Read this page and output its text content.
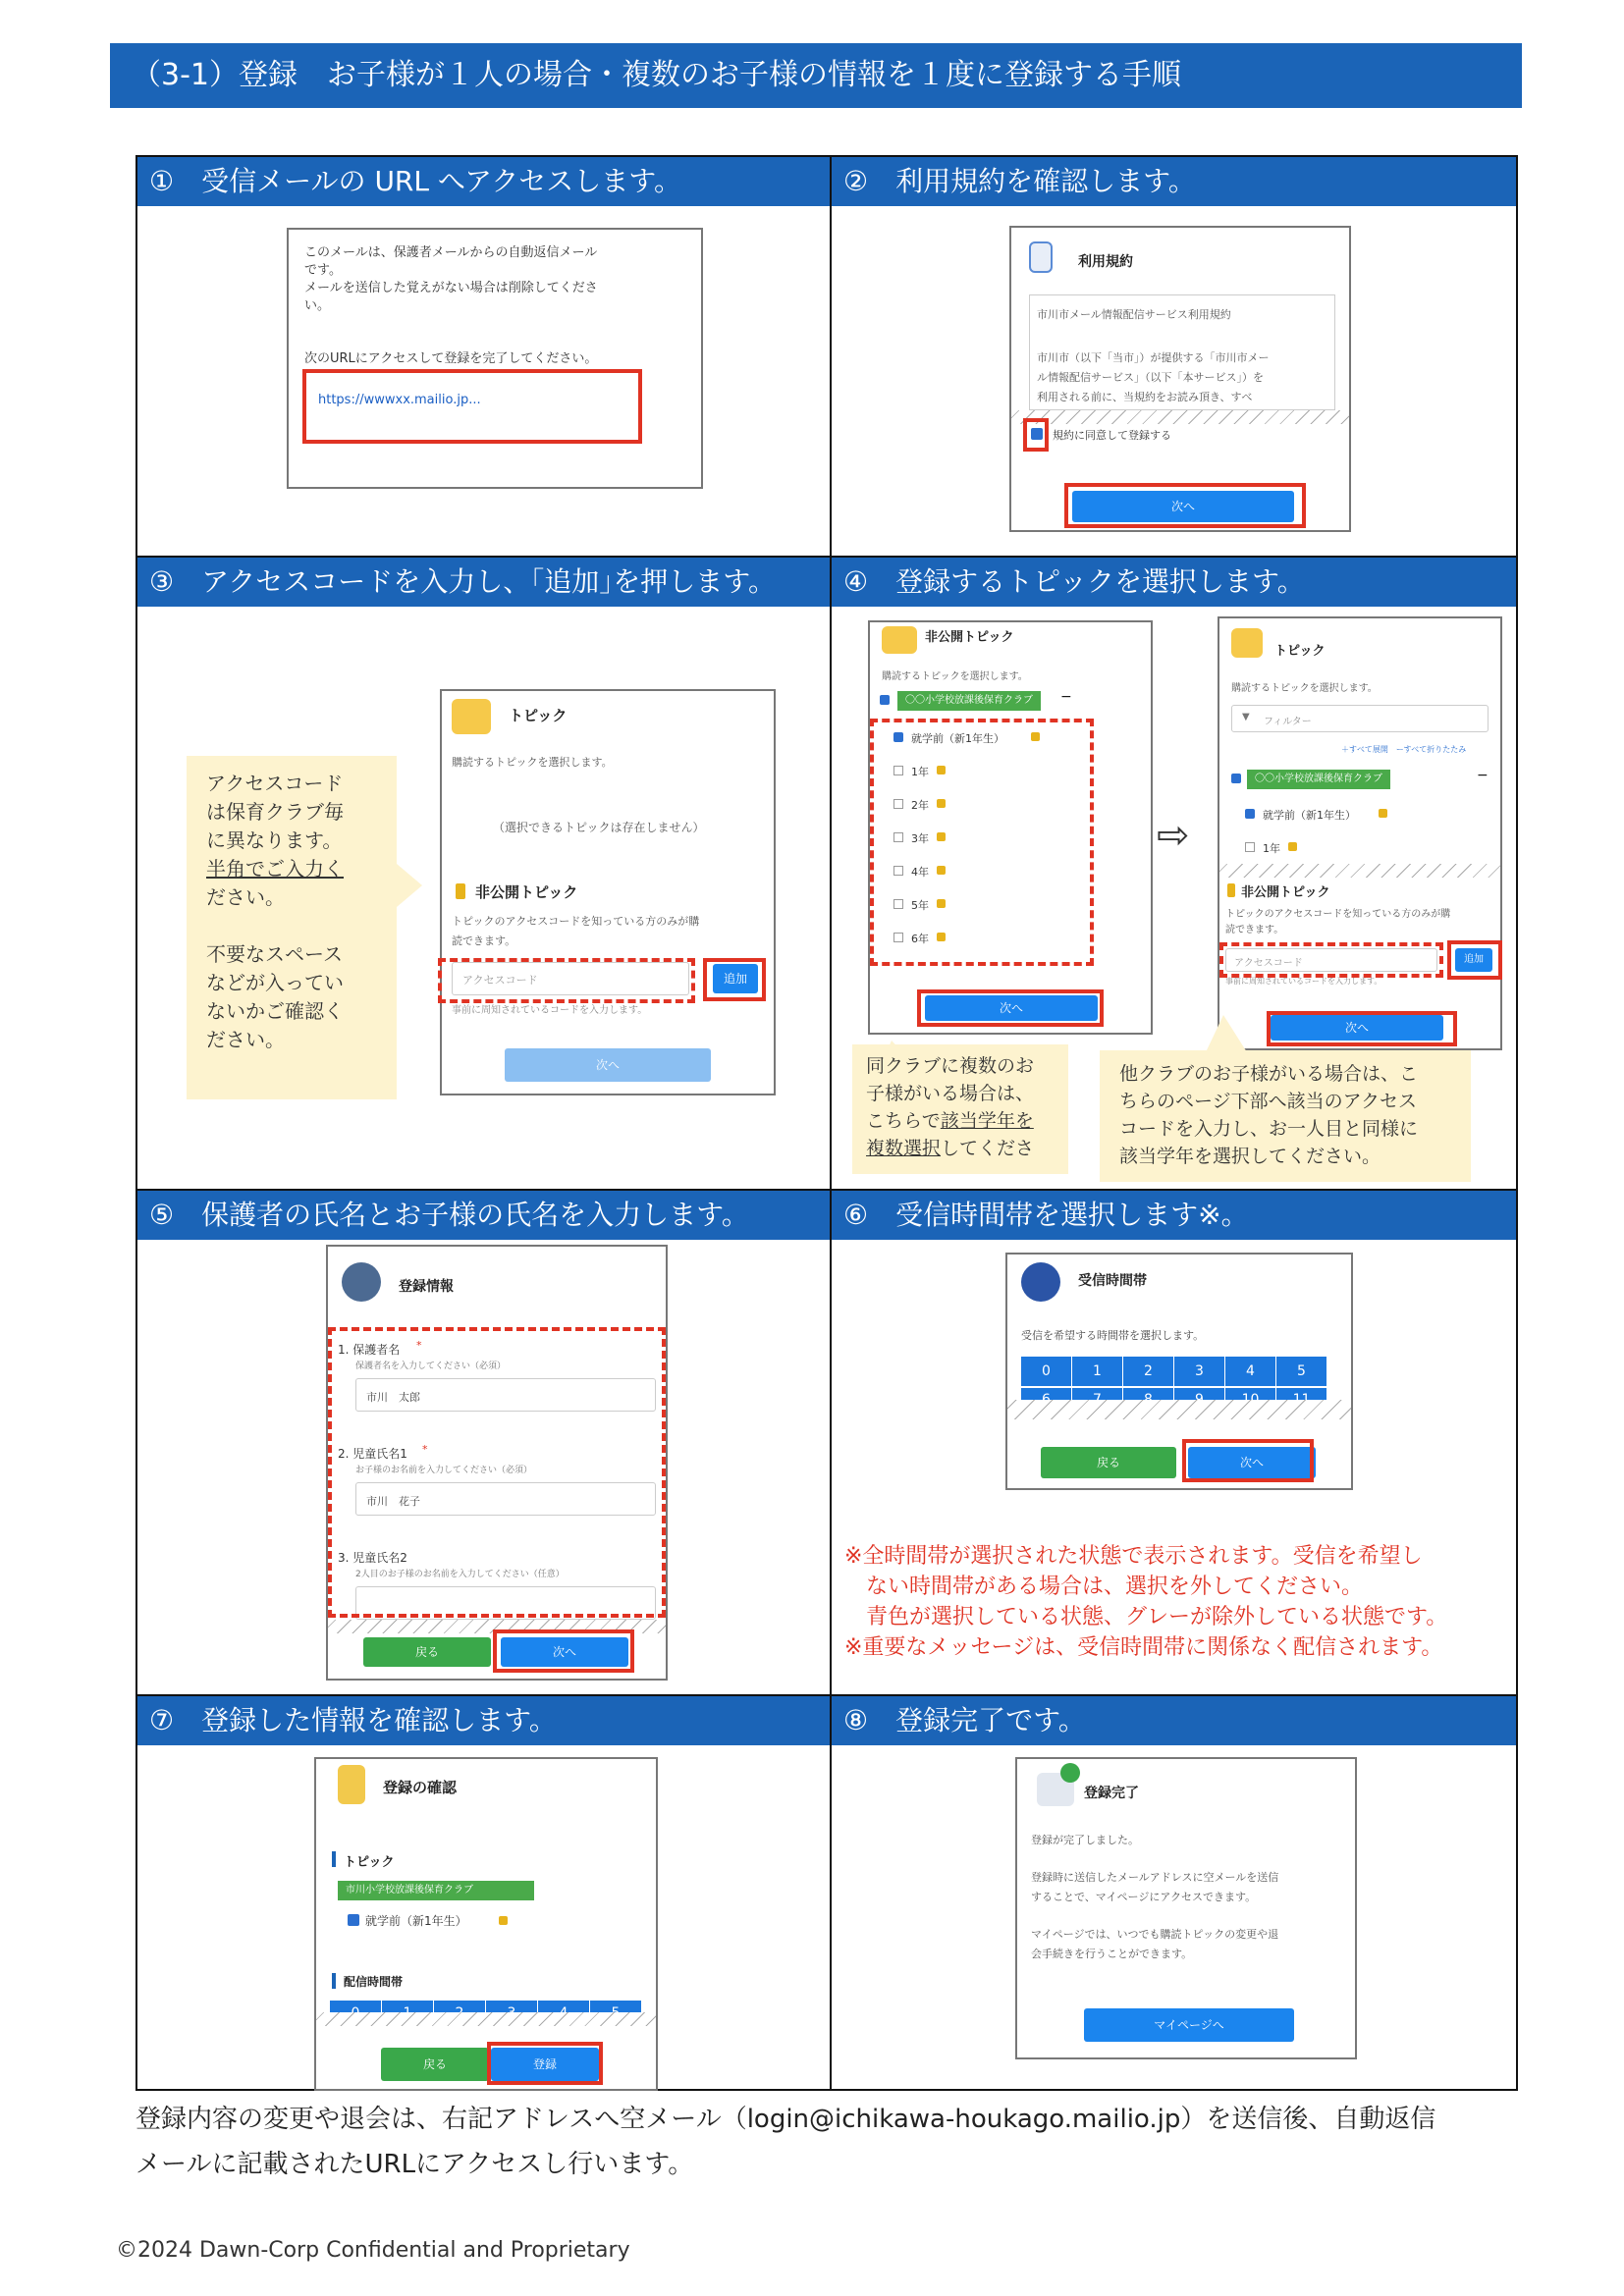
（3-1）登録　お子様が１人の場合・複数のお子様の情報を１度に登録する手順
①　受信メールの URL へアクセスします。	②　利用規約を確認します。
③　アクセスコードを入力し、｢追加｣を押します。	④　登録するトピックを選択します。
⑤　保護者の氏名とお子様の氏名を入力します。	⑥　受信時間帯を選択します※。
⑦　登録した情報を確認します。	⑧　登録完了です。
このメールは、保護者メールからの自動返信メール
です。
メールを送信した覚えがない場合は削除してくださ
い。
次のURLにアクセスして登録を完了してください。
https://wwwxx.mailio.jp...
利用規約
市川市メール情報配信サービス利用規約
市川市（以下「当市」）が提供する「市川市メー
ル情報配信サービス」（以下「本サービス」）を
利用される前に、当規約をお読み頂き、すべ
規約に同意して登録する
次へ
アクセスコード
は保育クラブ毎
に異なります。
半角でご入力く
ださい。
不要なスペース
などが入ってい
ないかご確認く
ださい。
トピック
購読するトピックを選択します。
（選択できるトピックは存在しません）
非公開トピック
トピックのアクセスコードを知っている方のみが購
読できます。
アクセスコード	追加
事前に周知されているコードを入力します。
次へ
非公開トピック
購読するトピックを選択します。
〇〇小学校放課後保育クラブ	−
就学前（新1年生）
1年
2年
3年
4年
5年
6年
次へ
⇨
トピック
購読するトピックを選択します。
▼ フィルター
＋すべて展開　ーすべて折りたたみ
〇〇小学校放課後保育クラブ	−
就学前（新1年生）
1年
非公開トピック
トピックのアクセスコードを知っている方のみが購
読できます。
アクセスコード	追加
事前に周知されているコードを入力します。
次へ
同クラブに複数のお
子様がいる場合は、
こちらで該当学年を
複数選択してくださ
他クラブのお子様がいる場合は、こ
ちらのページ下部へ該当のアクセス
コードを入力し、お一人目と同様に
該当学年を選択してください。
登録情報
1. 保護者名 *
保護者名を入力してください（必須）
市川　太郎
2. 児童氏名1 *
お子様のお名前を入力してください（必須）
市川　花子
3. 児童氏名2
2人目のお子様のお名前を入力してください（任意）
戻る	次へ
受信時間帯
受信を希望する時間帯を選択します。
0	1	2	3	4	5
戻る	次へ
※全時間帯が選択された状態で表示されます。受信を希望し
　ない時間帯がある場合は、選択を外してください。
　青色が選択している状態、グレーが除外している状態です。
※重要なメッセージは、受信時間帯に関係なく配信されます。
登録の確認
トピック
市川小学校放課後保育クラブ
就学前（新1年生）
配信時間帯
戻る	登録
登録完了
登録が完了しました。
登録時に送信したメールアドレスに空メールを送信
することで、マイページにアクセスできます。
マイページでは、いつでも購読トピックの変更や退
会手続きを行うことができます。
マイページへ
登録内容の変更や退会は、右記アドレスへ空メール（login@ichikawa-houkago.mailio.jp）を送信後、自動返信
メールに記載されたURLにアクセスし行います。
©2024 Dawn-Corp Confidential and Proprietary
